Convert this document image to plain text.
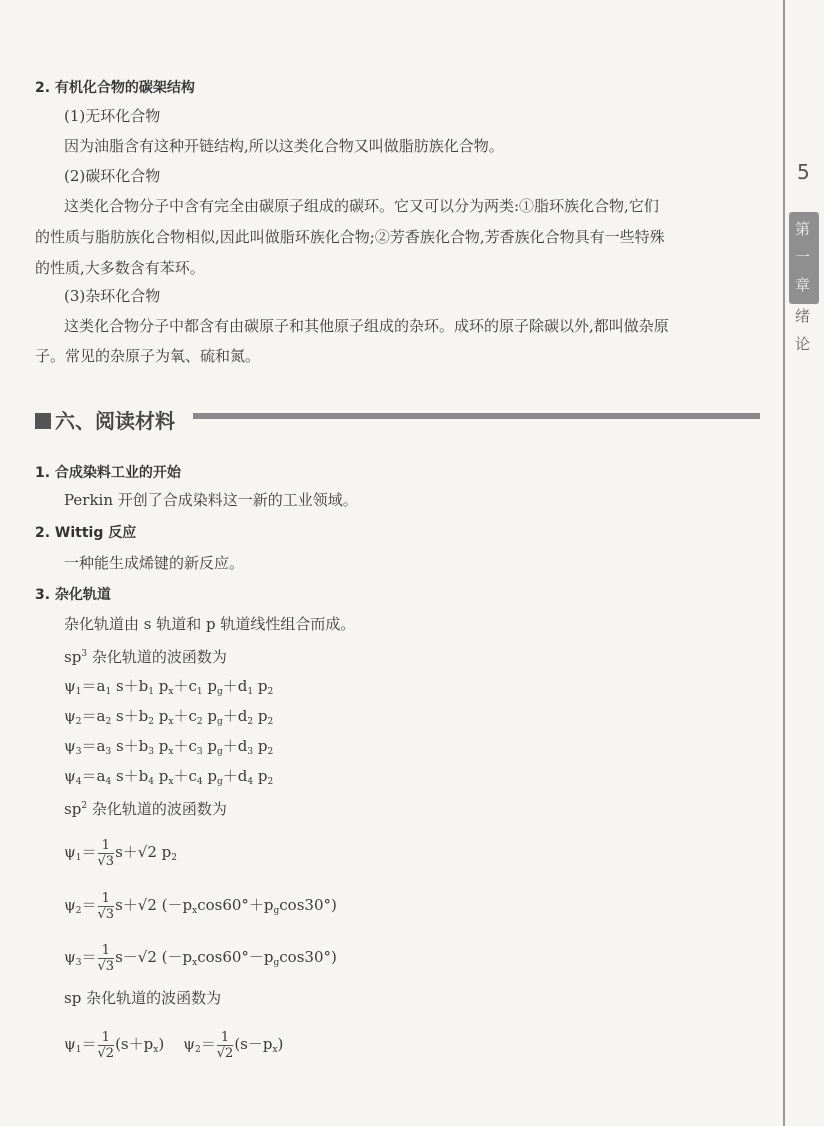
5
第
一
章
绪
论
2. 有机化合物的碳架结构
(1)无环化合物
因为油脂含有这种开链结构,所以这类化合物又叫做脂肪族化合物。
(2)碳环化合物
这类化合物分子中含有完全由碳原子组成的碳环。它又可以分为两类:①脂环族化合物,它们
的性质与脂肪族化合物相似,因此叫做脂环族化合物;②芳香族化合物,芳香族化合物具有一些特殊
的性质,大多数含有苯环。
(3)杂环化合物
这类化合物分子中都含有由碳原子和其他原子组成的杂环。成环的原子除碳以外,都叫做杂原
子。常见的杂原子为氧、硫和氮。
六、阅读材料
1. 合成染料工业的开始
Perkin 开创了合成染料这一新的工业领域。
2. Wittig 反应
一种能生成烯键的新反应。
3. 杂化轨道
杂化轨道由 s 轨道和 p 轨道线性组合而成。
$sp^3$ 杂化轨道的波函数为
$\psi_1=a_1$ $s+b_1$ $p_x+c_1$ $p_g+d_1$ $p_2$
$\psi_2=a_2$ $s+b_2$ $p_x+c_2$ $p_g+d_2$ $p_2$
$\psi_3=a_3$ $s+b_3$ $p_x+c_3$ $p_g+d_3$ $p_2$
$\psi_4=a_4$ $s+b_4$ $p_x+c_4$ $p_g+d_4$ $p_2$
$sp^2$ 杂化轨道的波函数为
$\psi_1= \frac{1}{√3} s+√2$ $p_2$
$\psi_2= \frac{1}{√3} s+√2$ $(-p_x\cos 60^\circ+p_g\cos 30^\circ)$
$\psi_3= \frac{1}{√3} s-√2$ $(-p_x\cos 60^\circ-p_g\cos 30^\circ)$
sp 杂化轨道的波函数为
$\psi_1= \frac{1}{√2} (s+p_x)$    $\psi_2= \frac{1}{√2} (s-p_x)$
